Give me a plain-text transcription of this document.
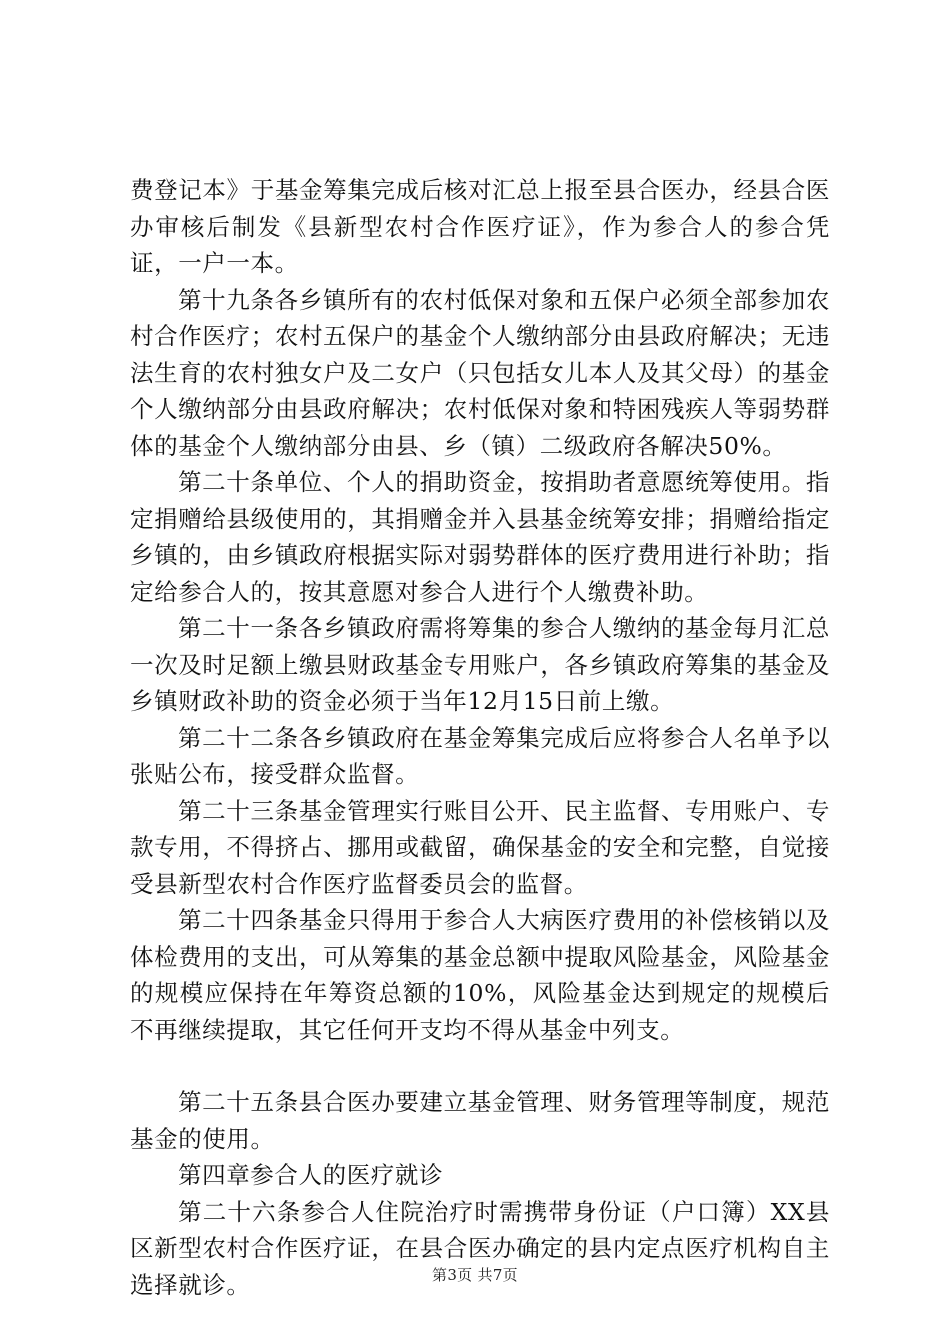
费登记本》于基金筹集完成后核对汇总上报至县合医办，经县合医办审核后制发《县新型农村合作医疗证》，作为参合人的参合凭证，一户一本。

第十九条各乡镇所有的农村低保对象和五保户必须全部参加农村合作医疗；农村五保户的基金个人缴纳部分由县政府解决；无违法生育的农村独女户及二女户（只包括女儿本人及其父母）的基金个人缴纳部分由县政府解决；农村低保对象和特困残疾人等弱势群体的基金个人缴纳部分由县、乡（镇）二级政府各解决50%。

第二十条单位、个人的捐助资金，按捐助者意愿统筹使用。指定捐赠给县级使用的，其捐赠金并入县基金统筹安排；捐赠给指定乡镇的，由乡镇政府根据实际对弱势群体的医疗费用进行补助；指定给参合人的，按其意愿对参合人进行个人缴费补助。

第二十一条各乡镇政府需将筹集的参合人缴纳的基金每月汇总一次及时足额上缴县财政基金专用账户，各乡镇政府筹集的基金及乡镇财政补助的资金必须于当年12月15日前上缴。

第二十二条各乡镇政府在基金筹集完成后应将参合人名单予以张贴公布，接受群众监督。

第二十三条基金管理实行账目公开、民主监督、专用账户、专款专用，不得挤占、挪用或截留，确保基金的安全和完整，自觉接受县新型农村合作医疗监督委员会的监督。

第二十四条基金只得用于参合人大病医疗费用的补偿核销以及体检费用的支出，可从筹集的基金总额中提取风险基金，风险基金的规模应保持在年筹资总额的10%，风险基金达到规定的规模后不再继续提取，其它任何开支均不得从基金中列支。

第二十五条县合医办要建立基金管理、财务管理等制度，规范基金的使用。

第四章参合人的医疗就诊

第二十六条参合人住院治疗时需携带身份证（户口簿）XX县区新型农村合作医疗证，在县合医办确定的县内定点医疗机构自主选择就诊。	第3页 共7页
